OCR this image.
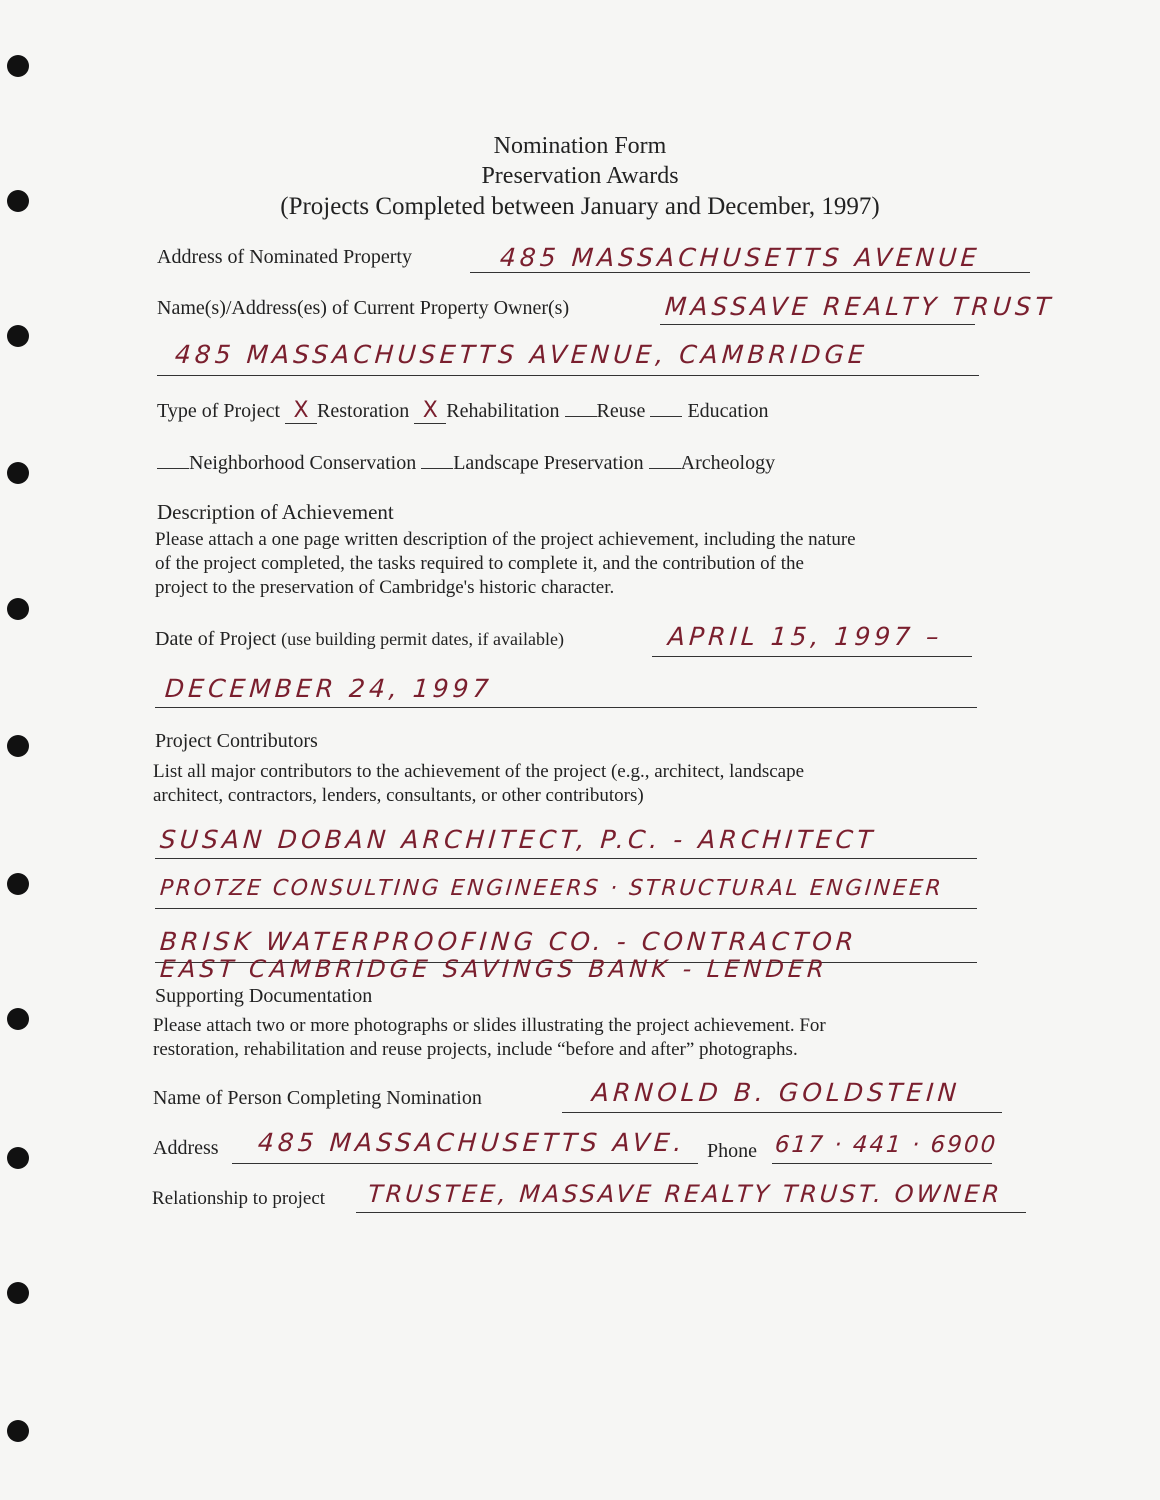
Nomination Form
Preservation Awards
(Projects Completed between January and December, 1997)
Address of Nominated Property	485 MASSACHUSETTS AVENUE
Name(s)/Address(es) of Current Property Owner(s)	MASSAVE REALTY TRUST
485 MASSACHUSETTS AVENUE, CAMBRIDGE
Type of Project X Restoration X Rehabilitation Reuse Education
Neighborhood Conservation Landscape Preservation Archeology
Description of Achievement
Please attach a one page written description of the project achievement, including the nature
of the project completed, the tasks required to complete it, and the contribution of the
project to the preservation of Cambridge's historic character.
Date of Project (use building permit dates, if available)	APRIL 15, 1997 –
DECEMBER 24, 1997
Project Contributors
List all major contributors to the achievement of the project (e.g., architect, landscape
architect, contractors, lenders, consultants, or other contributors)
SUSAN DOBAN ARCHITECT, P.C. - ARCHITECT
PROTZE CONSULTING ENGINEERS · STRUCTURAL ENGINEER
BRISK WATERPROOFING CO. - CONTRACTOR
EAST CAMBRIDGE SAVINGS BANK - LENDER
Supporting Documentation
Please attach two or more photographs or slides illustrating the project achievement. For
restoration, rehabilitation and reuse projects, include “before and after” photographs.
Name of Person Completing Nomination	ARNOLD B. GOLDSTEIN
Address 485 MASSACHUSETTS AVE. Phone 617 · 441 · 6900
Relationship to project TRUSTEE, MASSAVE REALTY TRUST. OWNER
